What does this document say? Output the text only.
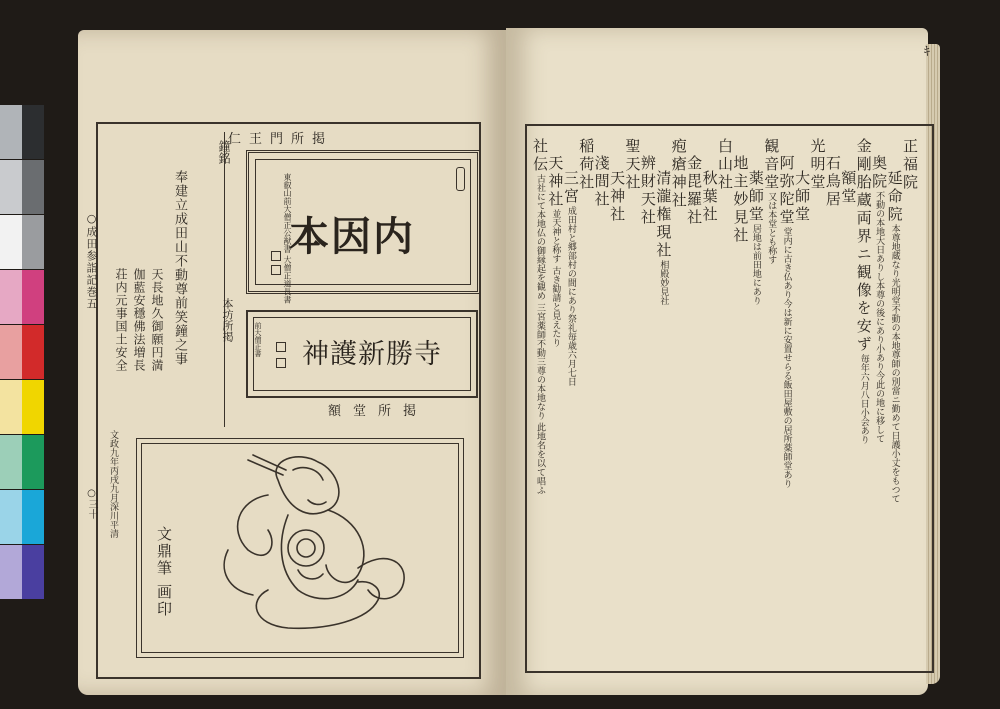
○成田参詣記巻五
○三十
鐘銘
奉建立成田山不動尊前笑鐘之事
天長地久御願円満
伽藍安穩佛法増長
荘内元事国土安全
文政九年丙戌九月深川平清
仁王門所掲
本因内
東叡山前大僧正公猷書 大僧正道長書
本坊所掲
神護新勝寺
前大僧正書
額堂所掲
文鼎筆 画印
ｷ
正福院
延命院本尊地蔵なり光明堂不動の本地尊師の別當ニ勤めて日護小丈をもつて
奥院不動の本地大日ありし本尊の後にあり小あり今此の地に移して
金剛胎蔵両界ニ観像を安ず毎年六月八日小会あり
額堂
石鳥居
光明堂
大師堂
阿弥陀堂堂内に古き仏あり今は新に安置せらる飯田屋敷の居所薬師堂あり
観音堂又は本堂とも称す
薬師堂居地は前田地にあり
地主妙見社
白山社
秋葉社
金毘羅社
疱瘡神社
清瀧権現社相殿妙見社
辨財天社
聖天社
天神社
淺間社
稲荷社
三宮成田村と郷部村の間にあり祭礼毎歳六月七日
天神社並天神と称す 古き勧請と見えたり
社伝古社にて本地仏の御縁起を観め 三宮薬師不動三尊の本地なり 此地名を以て唱ふ
